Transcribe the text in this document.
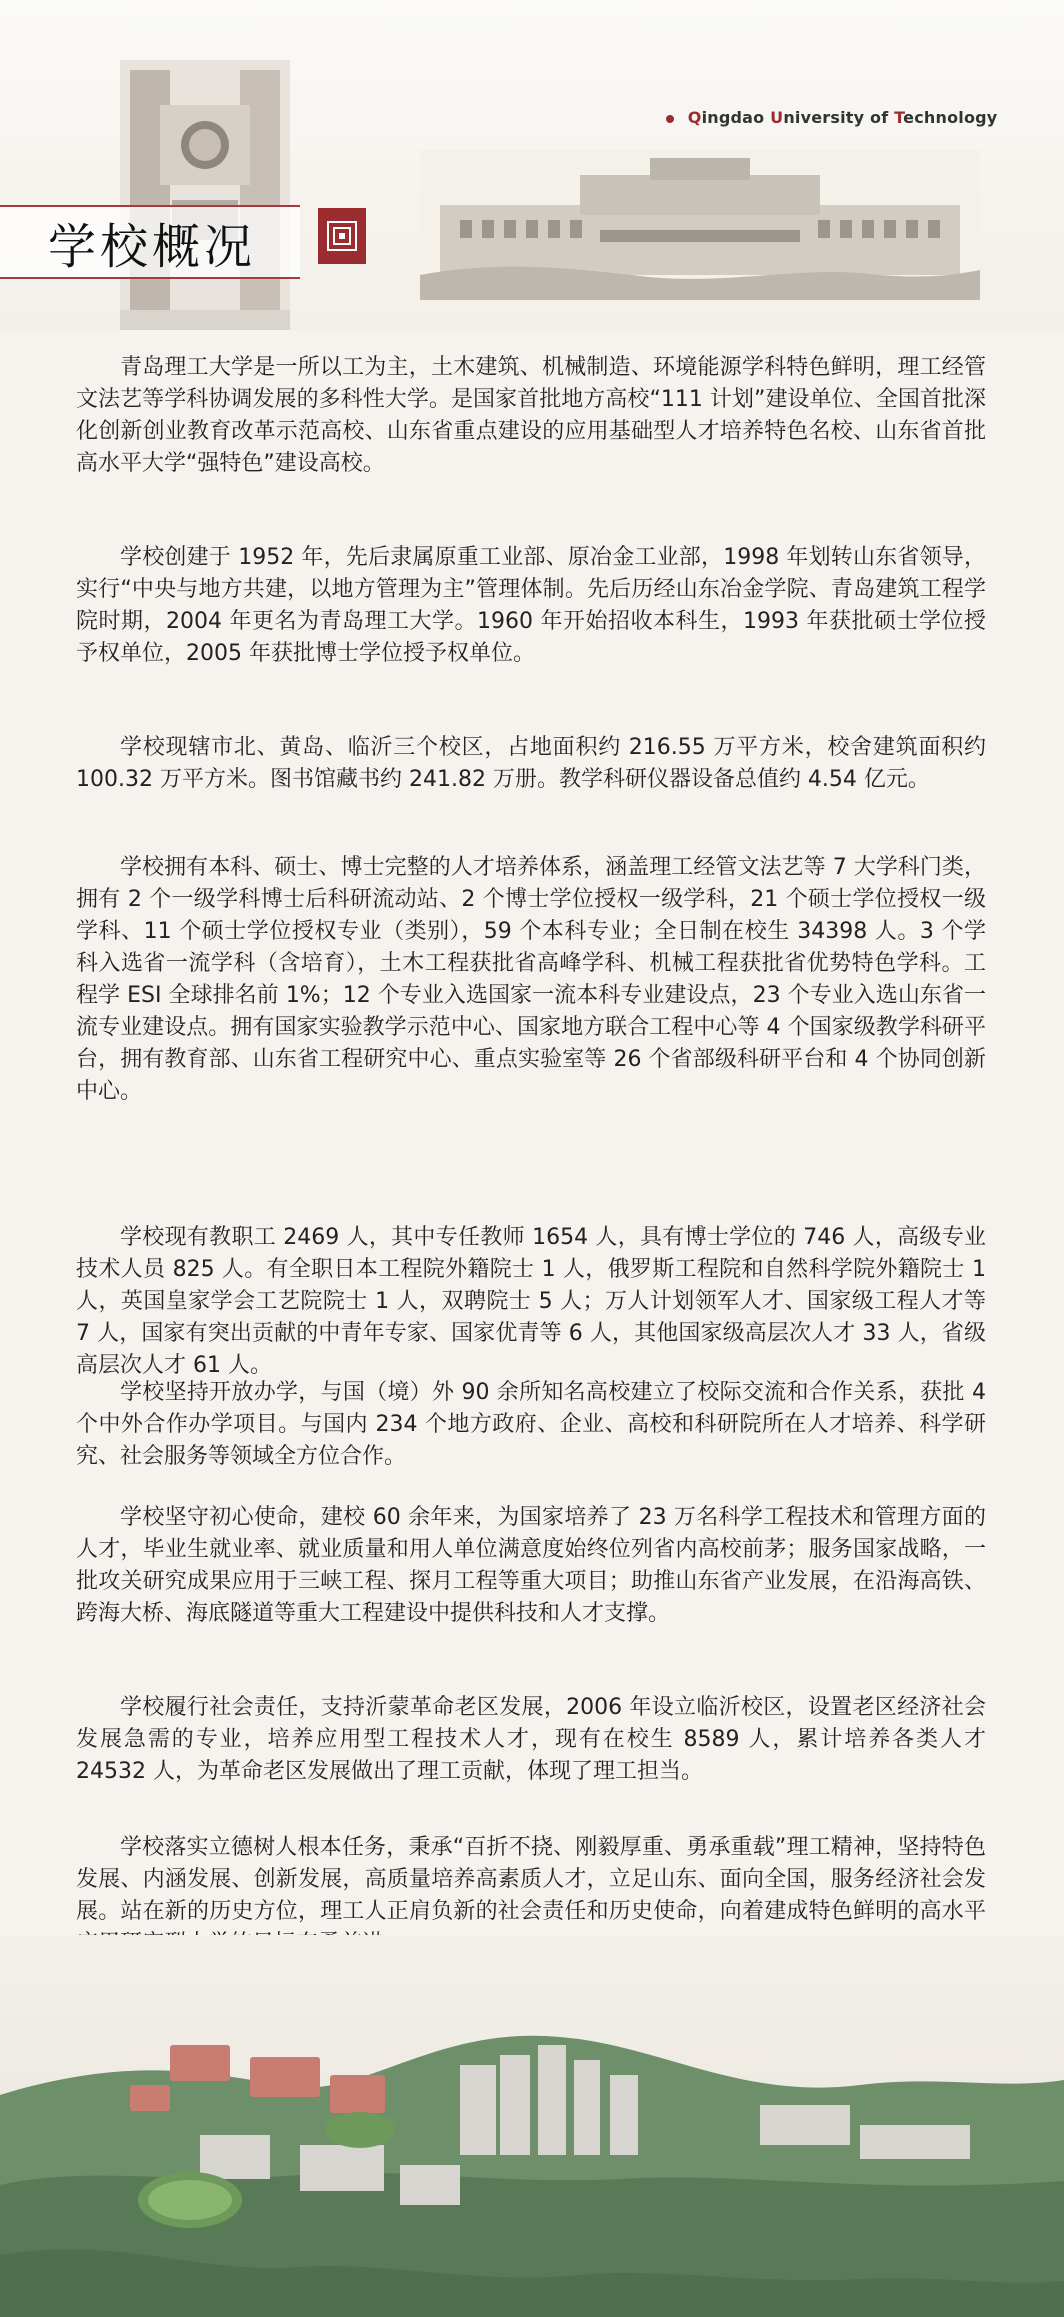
Qingdao University of Technology
学校概况

青岛理工大学是一所以工为主，土木建筑、机械制造、环境能源学科特色鲜明，理工经管文法艺等学科协调发展的多科性大学。是国家首批地方高校“111 计划”建设单位、全国首批深化创新创业教育改革示范高校、山东省重点建设的应用基础型人才培养特色名校、山东省首批高水平大学“强特色”建设高校。

学校创建于 1952 年，先后隶属原重工业部、原冶金工业部，1998 年划转山东省领导，实行“中央与地方共建，以地方管理为主”管理体制。先后历经山东冶金学院、青岛建筑工程学院时期，2004 年更名为青岛理工大学。1960 年开始招收本科生，1993 年获批硕士学位授予权单位，2005 年获批博士学位授予权单位。

学校现辖市北、黄岛、临沂三个校区，占地面积约 216.55 万平方米，校舍建筑面积约 100.32 万平方米。图书馆藏书约 241.82 万册。教学科研仪器设备总值约 4.54 亿元。

学校拥有本科、硕士、博士完整的人才培养体系，涵盖理工经管文法艺等 7 大学科门类，拥有 2 个一级学科博士后科研流动站、2 个博士学位授权一级学科，21 个硕士学位授权一级学科、11 个硕士学位授权专业（类别），59 个本科专业；全日制在校生 34398 人。3 个学科入选省一流学科（含培育），土木工程获批省高峰学科、机械工程获批省优势特色学科。工程学 ESI 全球排名前 1%；12 个专业入选国家一流本科专业建设点，23 个专业入选山东省一流专业建设点。拥有国家实验教学示范中心、国家地方联合工程中心等 4 个国家级教学科研平台，拥有教育部、山东省工程研究中心、重点实验室等 26 个省部级科研平台和 4 个协同创新中心。

学校现有教职工 2469 人，其中专任教师 1654 人，具有博士学位的 746 人，高级专业技术人员 825 人。有全职日本工程院外籍院士 1 人，俄罗斯工程院和自然科学院外籍院士 1 人，英国皇家学会工艺院院士 1 人，双聘院士 5 人；万人计划领军人才、国家级工程人才等 7 人，国家有突出贡献的中青年专家、国家优青等 6 人，其他国家级高层次人才 33 人，省级高层次人才 61 人。

学校坚持开放办学，与国（境）外 90 余所知名高校建立了校际交流和合作关系，获批 4 个中外合作办学项目。与国内 234 个地方政府、企业、高校和科研院所在人才培养、科学研究、社会服务等领域全方位合作。

学校坚守初心使命，建校 60 余年来，为国家培养了 23 万名科学工程技术和管理方面的人才，毕业生就业率、就业质量和用人单位满意度始终位列省内高校前茅；服务国家战略，一批攻关研究成果应用于三峡工程、探月工程等重大项目；助推山东省产业发展，在沿海高铁、跨海大桥、海底隧道等重大工程建设中提供科技和人才支撑。

学校履行社会责任，支持沂蒙革命老区发展，2006 年设立临沂校区，设置老区经济社会发展急需的专业，培养应用型工程技术人才，现有在校生 8589 人，累计培养各类人才 24532 人，为革命老区发展做出了理工贡献，体现了理工担当。

学校落实立德树人根本任务，秉承“百折不挠、刚毅厚重、勇承重载”理工精神，坚持特色发展、内涵发展、创新发展，高质量培养高素质人才，立足山东、面向全国，服务经济社会发展。站在新的历史方位，理工人正肩负新的社会责任和历史使命，向着建成特色鲜明的高水平
